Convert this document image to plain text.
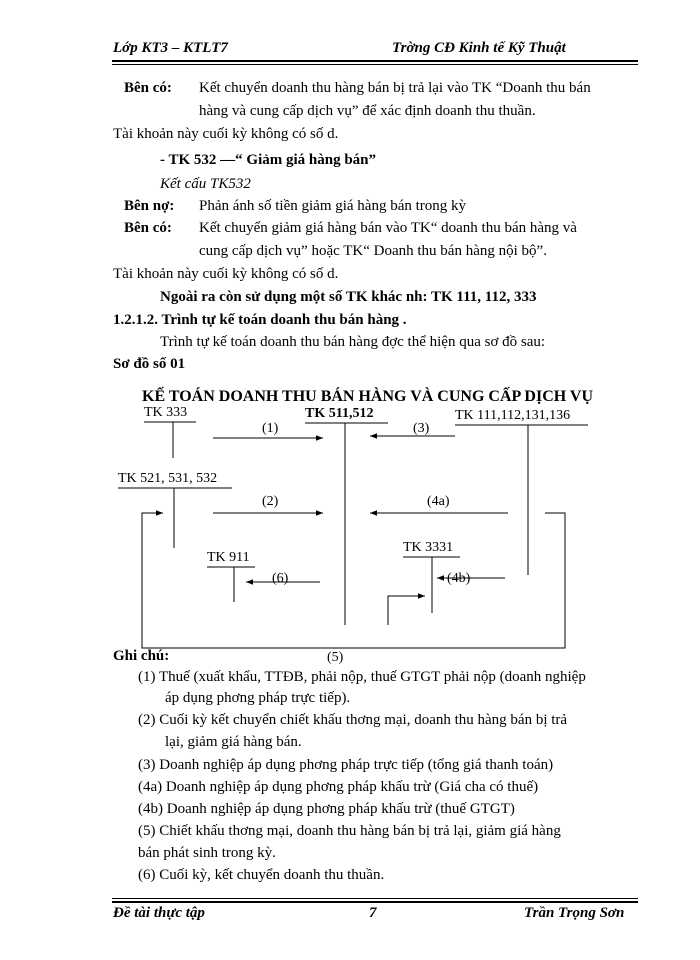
Lớp KT3 – KTLT7	Trờng CĐ Kinh tế Kỹ Thuật
Bên có: Kết chuyển doanh thu hàng bán bị trả lại vào TK “Doanh thu bán
hàng và cung cấp dịch vụ” để xác định doanh thu thuần.
Tài khoản này cuối kỳ không có số d.
- TK 532 —“ Giảm giá hàng bán”
Kết cấu TK532
Bên nợ: Phản ánh số tiền giảm giá hàng bán trong kỳ
Bên có: Kết chuyển giảm giá hàng bán vào TK“ doanh thu bán hàng và
cung cấp dịch vụ” hoặc TK“ Doanh thu bán hàng nội bộ”.
Tài khoản này cuối kỳ không có số d.
Ngoài ra còn sử dụng một số TK khác nh: TK 111, 112, 333
1.2.1.2. Trình tự kế toán doanh thu bán hàng .
Trình tự kế toán doanh thu bán hàng đợc thể hiện qua sơ đồ sau:
Sơ đồ số 01
KẾ TOÁN DOANH THU BÁN HÀNG VÀ CUNG CẤP DỊCH VỤ
TK 333	TK 511,512	TK 111,112,131,136
TK 521, 531, 532
TK 911
TK 3331
(1)	(3)
(2)	(4a)
(4b)
(6)
(5)
Ghi chú:
(1) Thuế (xuất khẩu, TTĐB, phải nộp, thuế GTGT phải nộp (doanh nghiệp
áp dụng phơng pháp trực tiếp).
(2) Cuối kỳ kết chuyển chiết khấu thơng mại, doanh thu hàng bán bị trả
lại, giảm giá hàng bán.
(3) Doanh nghiệp áp dụng phơng pháp trực tiếp (tổng giá thanh toán)
(4a) Doanh nghiệp áp dụng phơng pháp khấu trừ (Giá cha có thuế)
(4b) Doanh nghiệp áp dụng phơng pháp khấu trừ (thuế GTGT)
(5) Chiết khấu thơng mại, doanh thu hàng bán bị trả lại, giảm giá hàng
bán phát sinh trong kỳ.
(6) Cuối kỳ, kết chuyển doanh thu thuần.
Đề tài thực tập	7	Trần Trọng Sơn
